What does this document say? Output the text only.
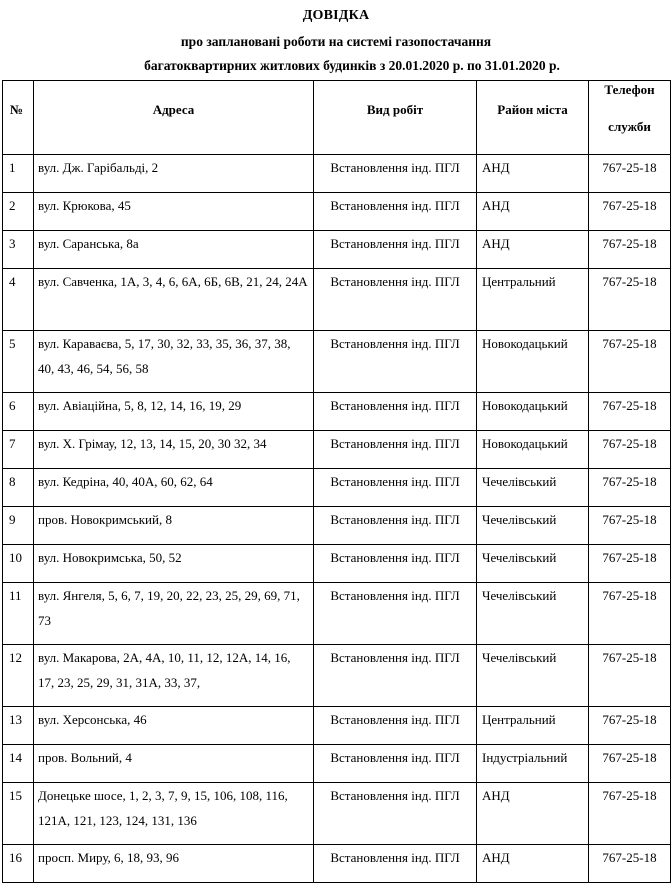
ДОВІДКА
про заплановані роботи на системі газопостачання
багатоквартирних житлових будинків з 20.01.2020 р. по 31.01.2020 р.
№	Адреса	Вид робіт	Район міста	Телефон
служби

1	вул. Дж. Гарібальді, 2	Встановлення інд. ПГЛ	АНД	767-25-18
2	вул. Крюкова, 45	Встановлення інд. ПГЛ	АНД	767-25-18
3	вул. Саранська, 8а	Встановлення інд. ПГЛ	АНД	767-25-18
4	вул. Савченка, 1А, 3, 4, 6, 6А, 6Б, 6В, 21, 24, 24А	Встановлення інд. ПГЛ	Центральний	767-25-18
5	вул. Караваєва, 5, 17, 30, 32, 33, 35, 36, 37, 38, 40, 43, 46, 54, 56, 58	Встановлення інд. ПГЛ	Новокодацький	767-25-18
6	вул. Авіаційна, 5, 8, 12, 14, 16, 19, 29	Встановлення інд. ПГЛ	Новокодацький	767-25-18
7	вул. Х. Грімау, 12, 13, 14, 15, 20, 30 32, 34	Встановлення інд. ПГЛ	Новокодацький	767-25-18
8	вул. Кедріна, 40, 40А, 60, 62, 64	Встановлення інд. ПГЛ	Чечелівський	767-25-18
9	пров. Новокримський, 8	Встановлення інд. ПГЛ	Чечелівський	767-25-18
10	вул. Новокримська, 50, 52	Встановлення інд. ПГЛ	Чечелівський	767-25-18
11	вул. Янгеля, 5, 6, 7, 19, 20, 22, 23, 25, 29, 69, 71, 73	Встановлення інд. ПГЛ	Чечелівський	767-25-18
12	вул. Макарова, 2А, 4А, 10, 11, 12, 12А, 14, 16, 17, 23, 25, 29, 31, 31А, 33, 37,	Встановлення інд. ПГЛ	Чечелівський	767-25-18
13	вул. Херсонська, 46	Встановлення інд. ПГЛ	Центральний	767-25-18
14	пров. Вольний, 4	Встановлення інд. ПГЛ	Індустріальний	767-25-18
15	Донецьке шосе, 1, 2, 3, 7, 9, 15, 106, 108, 116, 121А, 121, 123, 124, 131, 136	Встановлення інд. ПГЛ	АНД	767-25-18
16	просп. Миру, 6, 18, 93, 96	Встановлення інд. ПГЛ	АНД	767-25-18
